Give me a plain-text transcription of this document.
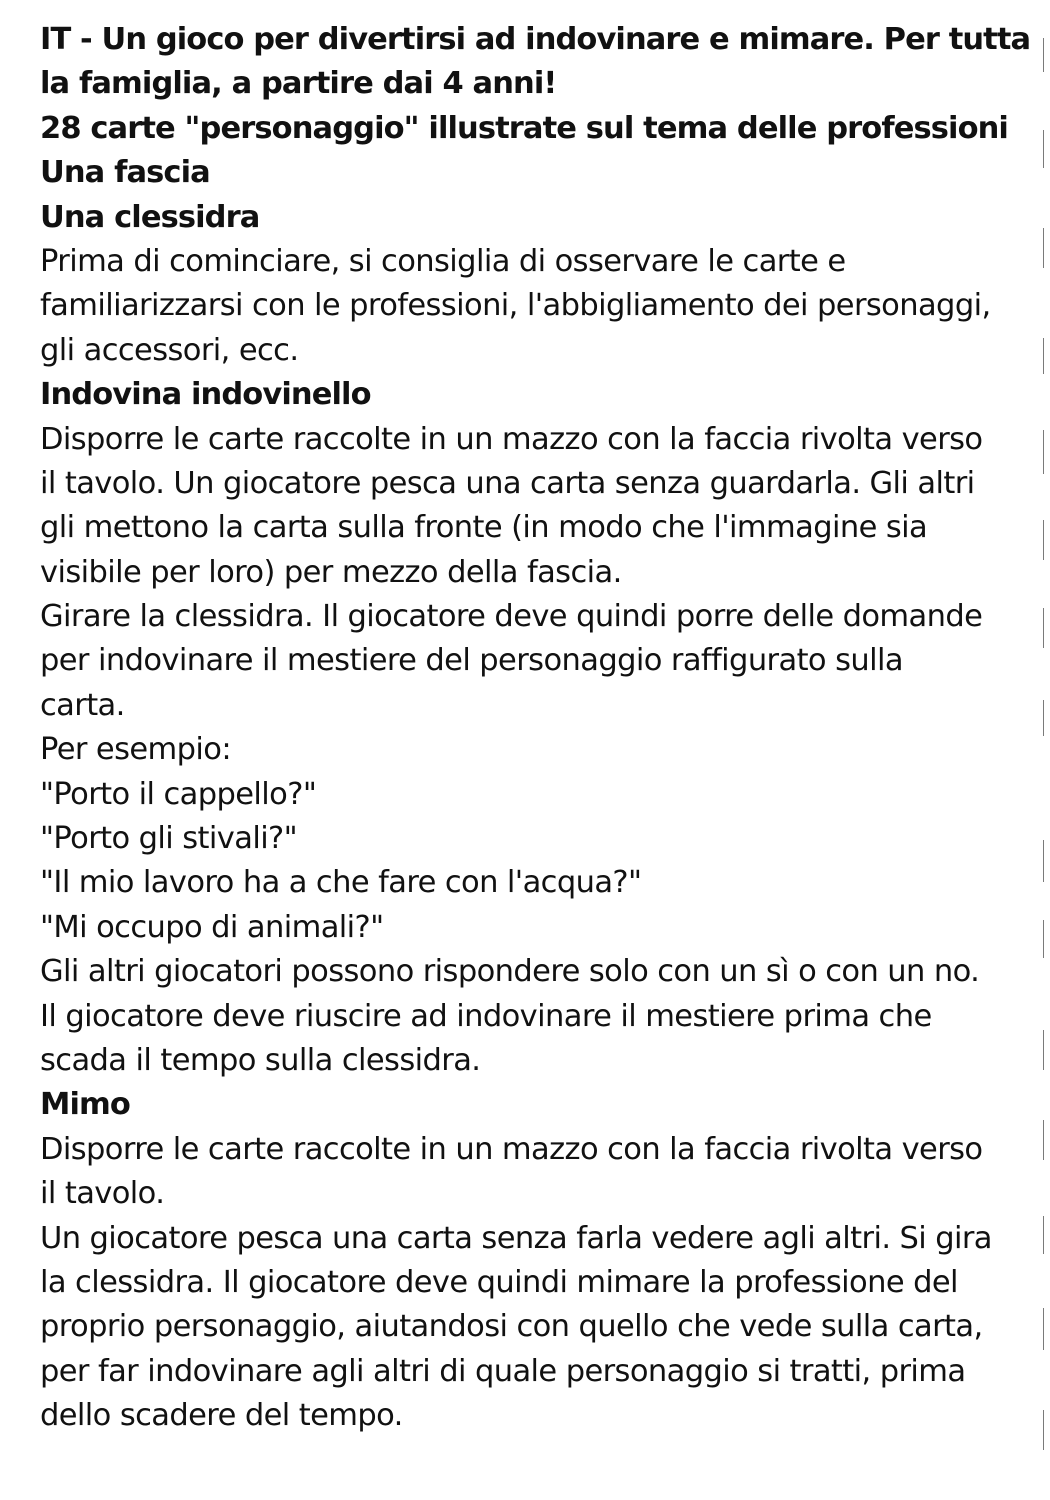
IT - Un gioco per divertirsi ad indovinare e mimare. Per tutta
la famiglia, a partire dai 4 anni!
28 carte "personaggio" illustrate sul tema delle professioni
Una fascia
Una clessidra
Prima di cominciare, si consiglia di osservare le carte e
familiarizzarsi con le professioni, l'abbigliamento dei personaggi,
gli accessori, ecc.
Indovina indovinello
Disporre le carte raccolte in un mazzo con la faccia rivolta verso
il tavolo. Un giocatore pesca una carta senza guardarla. Gli altri
gli mettono la carta sulla fronte (in modo che l'immagine sia
visibile per loro) per mezzo della fascia.
Girare la clessidra. Il giocatore deve quindi porre delle domande
per indovinare il mestiere del personaggio raffigurato sulla
carta.
Per esempio:
"Porto il cappello?"
"Porto gli stivali?"
"Il mio lavoro ha a che fare con l'acqua?"
"Mi occupo di animali?"
Gli altri giocatori possono rispondere solo con un sì o con un no.
Il giocatore deve riuscire ad indovinare il mestiere prima che
scada il tempo sulla clessidra.
Mimo
Disporre le carte raccolte in un mazzo con la faccia rivolta verso
il tavolo.
Un giocatore pesca una carta senza farla vedere agli altri. Si gira
la clessidra. Il giocatore deve quindi mimare la professione del
proprio personaggio, aiutandosi con quello che vede sulla carta,
per far indovinare agli altri di quale personaggio si tratti, prima
dello scadere del tempo.
